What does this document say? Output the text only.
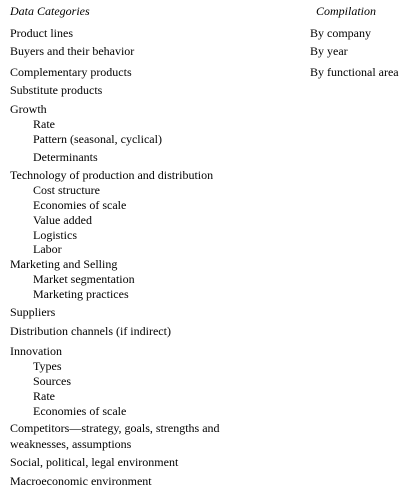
Data Categories	Compilation
Product lines
Buyers and their behavior
Complementary products
Substitute products
Growth
Rate
Pattern (seasonal, cyclical)
Determinants
Technology of production and distribution
Cost structure
Economies of scale
Value added
Logistics
Labor
Marketing and Selling
Market segmentation
Marketing practices
Suppliers
Distribution channels (if indirect)
Innovation
Types
Sources
Rate
Economies of scale
Competitors—strategy, goals, strengths and
weaknesses, assumptions
Social, political, legal environment
Macroeconomic environment
By company
By year
By functional area
